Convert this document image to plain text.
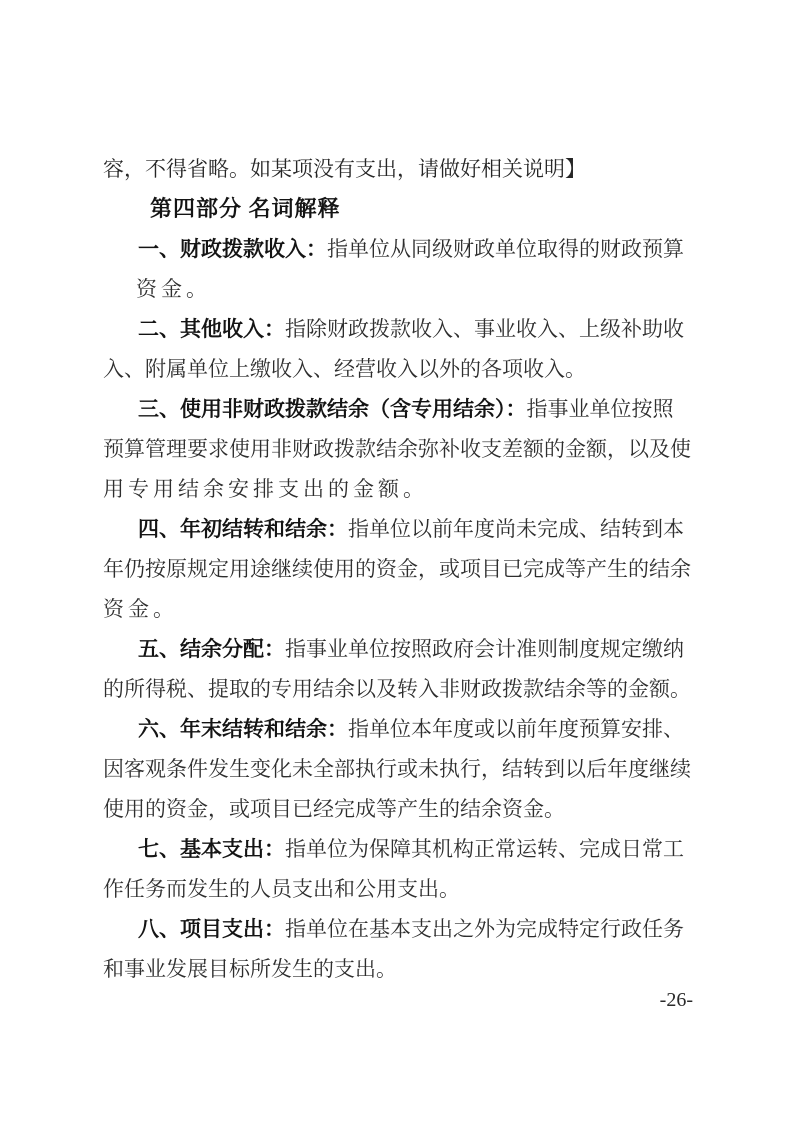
容，不得省略。如某项没有支出，请做好相关说明】
第四部分 名词解释
一、财政拨款收入：指单位从同级财政单位取得的财政预算
资金。
二、其他收入：指除财政拨款收入、事业收入、上级补助收
入、附属单位上缴收入、经营收入以外的各项收入。
三、使用非财政拨款结余（含专用结余）：指事业单位按照
预算管理要求使用非财政拨款结余弥补收支差额的金额，以及使
用专用结余安排支出的金额。
四、年初结转和结余：指单位以前年度尚未完成、结转到本
年仍按原规定用途继续使用的资金，或项目已完成等产生的结余
资金。
五、结余分配：指事业单位按照政府会计准则制度规定缴纳
的所得税、提取的专用结余以及转入非财政拨款结余等的金额。
六、年末结转和结余：指单位本年度或以前年度预算安排、
因客观条件发生变化未全部执行或未执行，结转到以后年度继续
使用的资金，或项目已经完成等产生的结余资金。
七、基本支出：指单位为保障其机构正常运转、完成日常工
作任务而发生的人员支出和公用支出。
八、项目支出：指单位在基本支出之外为完成特定行政任务
和事业发展目标所发生的支出。
-26-
